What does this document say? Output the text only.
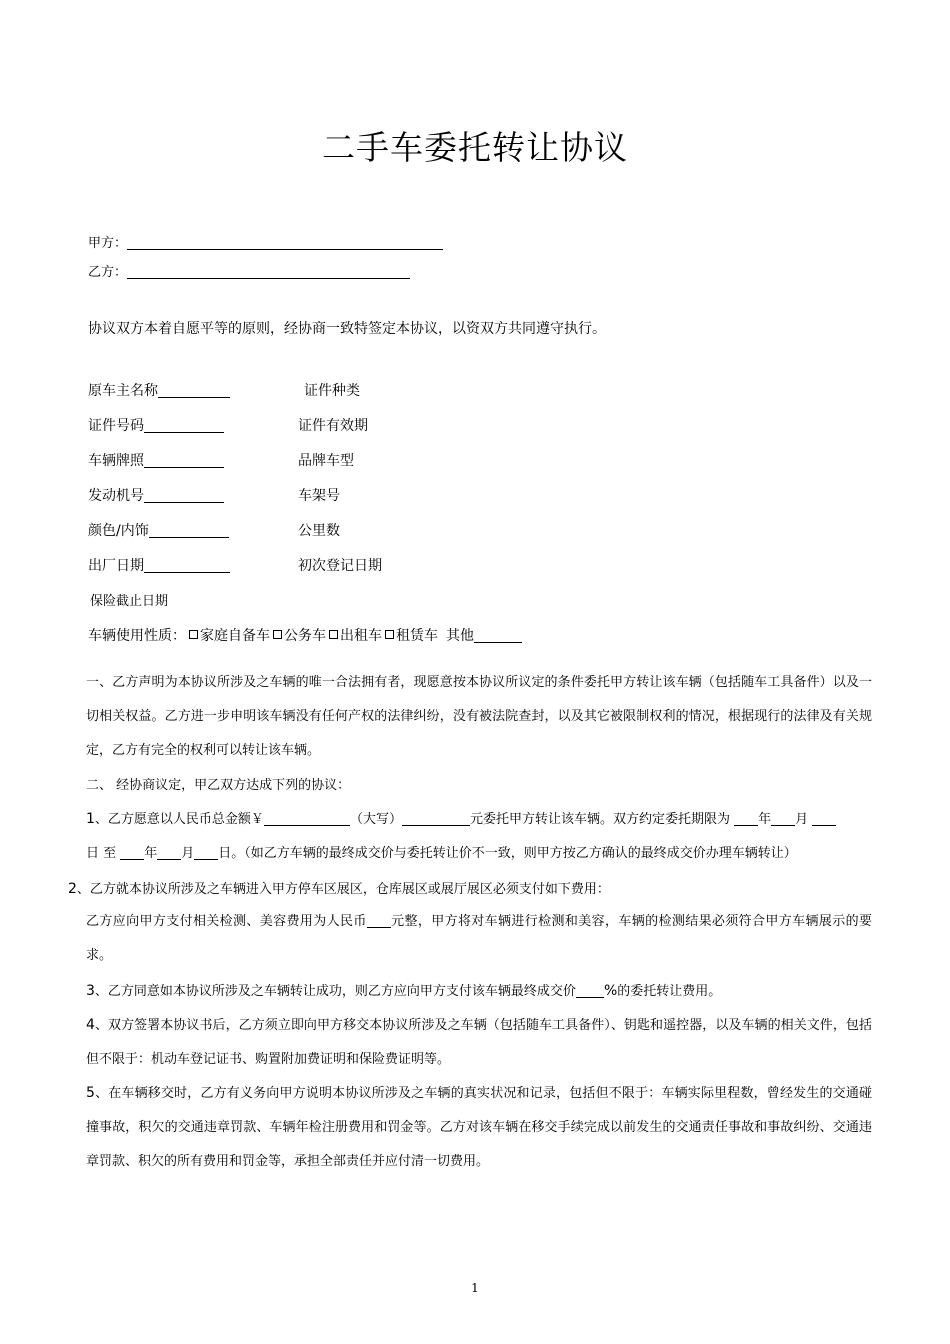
二手车委托转让协议
甲方：
乙方：
协议双方本着自愿平等的原则，经协商一致特签定本协议，以资双方共同遵守执行。
原车主名称	证件种类
证件号码	证件有效期
车辆牌照	品牌车型
发动机号	车架号
颜色/内饰	公里数
出厂日期	初次登记日期
保险截止日期
车辆使用性质： 家庭自备车 公务车 出租车 租赁车 其他
一、乙方声明为本协议所涉及之车辆的唯一合法拥有者，现愿意按本协议所议定的条件委托甲方转让该车辆（包括随车工具备件）以及一切相关权益。乙方进一步申明该车辆没有任何产权的法律纠纷，没有被法院查封，以及其它被限制权利的情况，根据现行的法律及有关规定，乙方有完全的权利可以转让该车辆。
二、 经协商议定，甲乙双方达成下列的协议：
1、乙方愿意以人民币总金额￥	（大写）	元委托甲方转让该车辆。双方约定委托期限为 年 月
日 至 年 月 日。（如乙方车辆的最终成交价与委托转让价不一致，则甲方按乙方确认的最终成交价办理车辆转让）
2、乙方就本协议所涉及之车辆进入甲方停车区展区，仓库展区或展厅展区必须支付如下费用：
乙方应向甲方支付相关检测、美容费用为人民币 元整，甲方将对车辆进行检测和美容，车辆的检测结果必须符合甲方车辆展示的要求。
3、乙方同意如本协议所涉及之车辆转让成功，则乙方应向甲方支付该车辆最终成交价 %的委托转让费用。
4、双方签署本协议书后，乙方须立即向甲方移交本协议所涉及之车辆（包括随车工具备件）、钥匙和遥控器，以及车辆的相关文件，包括但不限于：机动车登记证书、购置附加费证明和保险费证明等。
5、在车辆移交时，乙方有义务向甲方说明本协议所涉及之车辆的真实状况和记录，包括但不限于：车辆实际里程数，曾经发生的交通碰撞事故，积欠的交通违章罚款、车辆年检注册费用和罚金等。乙方对该车辆在移交手续完成以前发生的交通责任事故和事故纠纷、交通违章罚款、积欠的所有费用和罚金等，承担全部责任并应付清一切费用。
1
